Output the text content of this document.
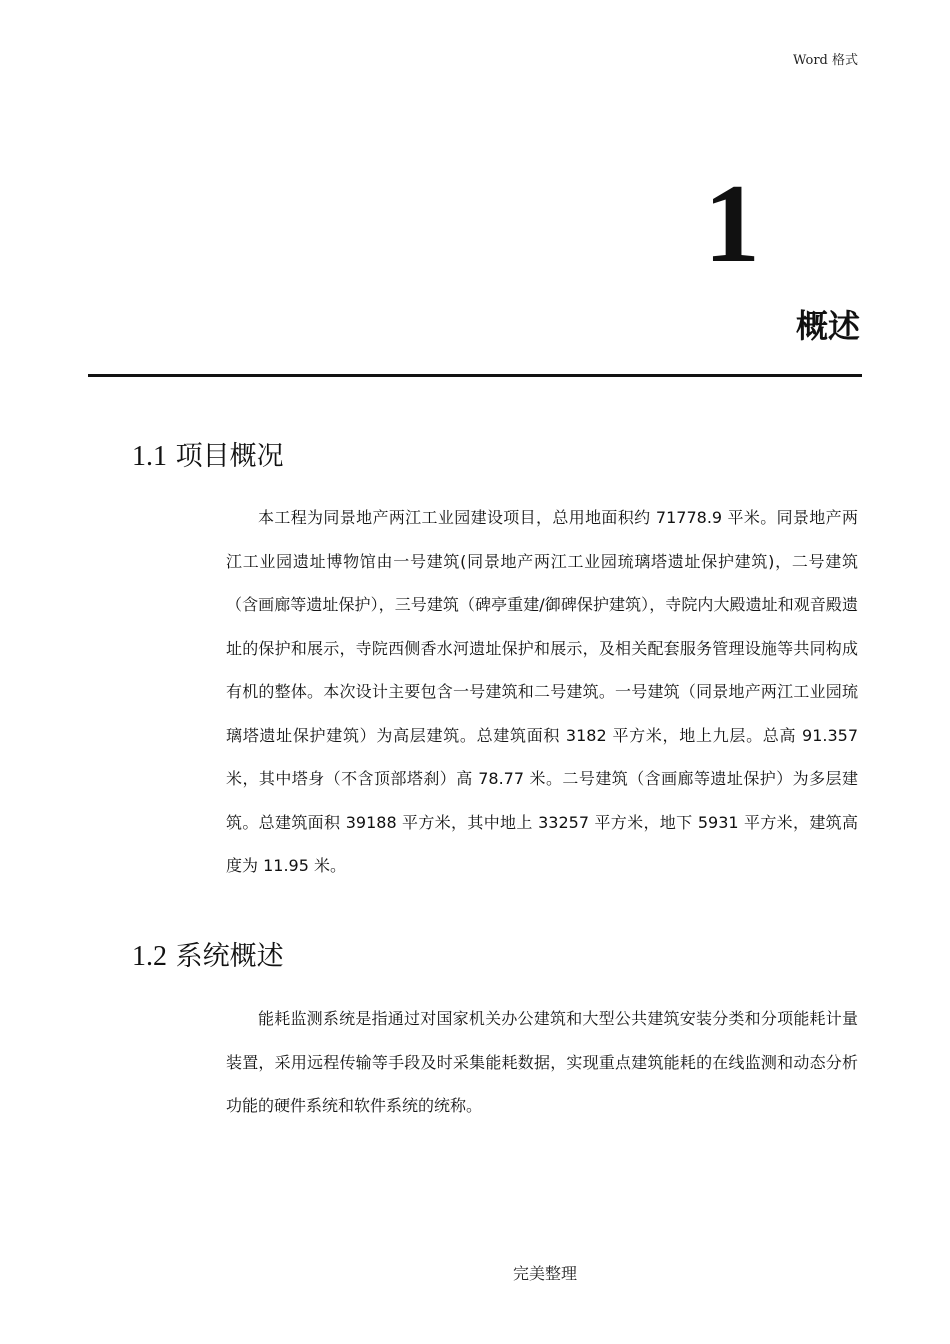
Word 格式
1
概述
1.1 项目概况

本工程为同景地产两江工业园建设项目，总用地面积约 71778.9 平米。同景地产两江工业园遗址博物馆由一号建筑(同景地产两江工业园琉璃塔遗址保护建筑)，二号建筑（含画廊等遗址保护），三号建筑（碑亭重建/御碑保护建筑），寺院内大殿遗址和观音殿遗址的保护和展示，寺院西侧香水河遗址保护和展示，及相关配套服务管理设施等共同构成有机的整体。本次设计主要包含一号建筑和二号建筑。一号建筑（同景地产两江工业园琉璃塔遗址保护建筑）为高层建筑。总建筑面积 3182 平方米，地上九层。总高 91.357 米，其中塔身（不含顶部塔刹）高 78.77 米。二号建筑（含画廊等遗址保护）为多层建筑。总建筑面积 39188 平方米，其中地上 33257 平方米，地下 5931 平方米，建筑高度为 11.95 米。

1.2 系统概述

能耗监测系统是指通过对国家机关办公建筑和大型公共建筑安装分类和分项能耗计量装置，采用远程传输等手段及时采集能耗数据，实现重点建筑能耗的在线监测和动态分析功能的硬件系统和软件系统的统称。

完美整理
